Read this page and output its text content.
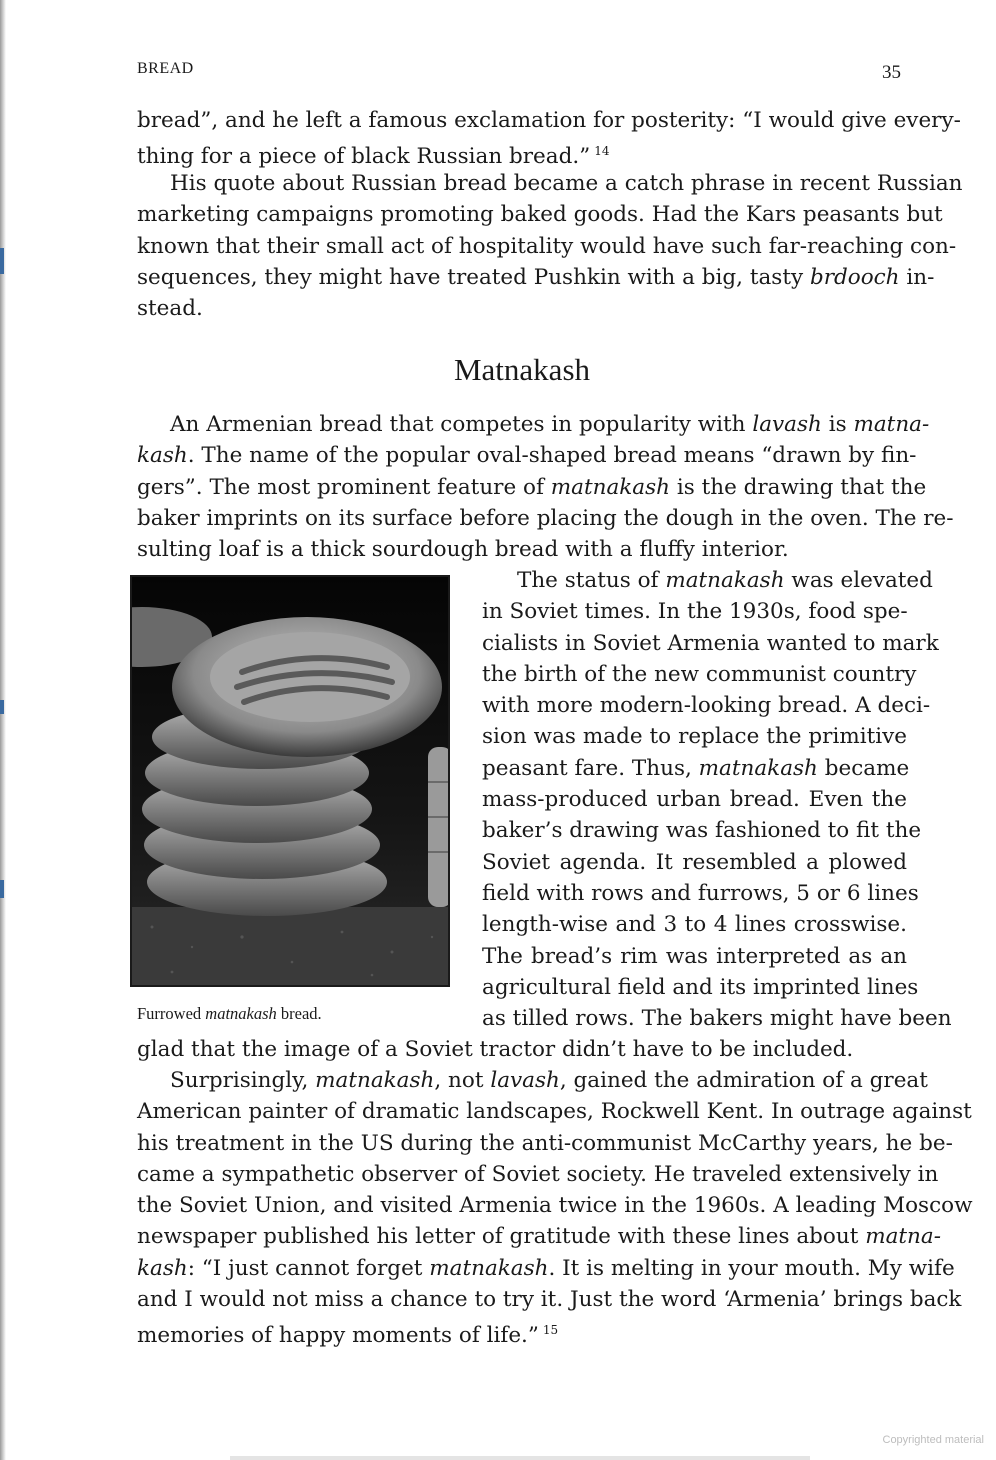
BREAD	35
bread”, and he left a famous exclamation for posterity: “I would give every-
thing for a piece of black Russian bread.” $^{14}$
His quote about Russian bread became a catch phrase in recent Russian
marketing campaigns promoting baked goods. Had the Kars peasants but
known that their small act of hospitality would have such far-reaching con-
sequences, they might have treated Pushkin with a big, tasty brdooch in-
stead.
Matnakash
An Armenian bread that competes in popularity with lavash is matna-
kash. The name of the popular oval-shaped bread means “drawn by fin-
gers”. The most prominent feature of matnakash is the drawing that the
baker imprints on its surface before placing the dough in the oven. The re-
sulting loaf is a thick sourdough bread with a fluffy interior.
Furrowed matnakash bread.
The status of matnakash was elevated
in Soviet times. In the 1930s, food spe-
cialists in Soviet Armenia wanted to mark
the birth of the new communist country
with more modern-looking bread. A deci-
sion was made to replace the primitive
peasant fare. Thus, matnakash became
mass-produced urban bread. Even the
baker’s drawing was fashioned to fit the
Soviet agenda. It resembled a plowed
field with rows and furrows, 5 or 6 lines
length-wise and 3 to 4 lines crosswise.
The bread’s rim was interpreted as an
agricultural field and its imprinted lines
as tilled rows. The bakers might have been
glad that the image of a Soviet tractor didn’t have to be included.
Surprisingly, matnakash, not lavash, gained the admiration of a great
American painter of dramatic landscapes, Rockwell Kent. In outrage against
his treatment in the US during the anti-communist McCarthy years, he be-
came a sympathetic observer of Soviet society. He traveled extensively in
the Soviet Union, and visited Armenia twice in the 1960s. A leading Moscow
newspaper published his letter of gratitude with these lines about matna-
kash: “I just cannot forget matnakash. It is melting in your mouth. My wife
and I would not miss a chance to try it. Just the word ‘Armenia’ brings back
memories of happy moments of life.” $^{15}$
Copyrighted material
